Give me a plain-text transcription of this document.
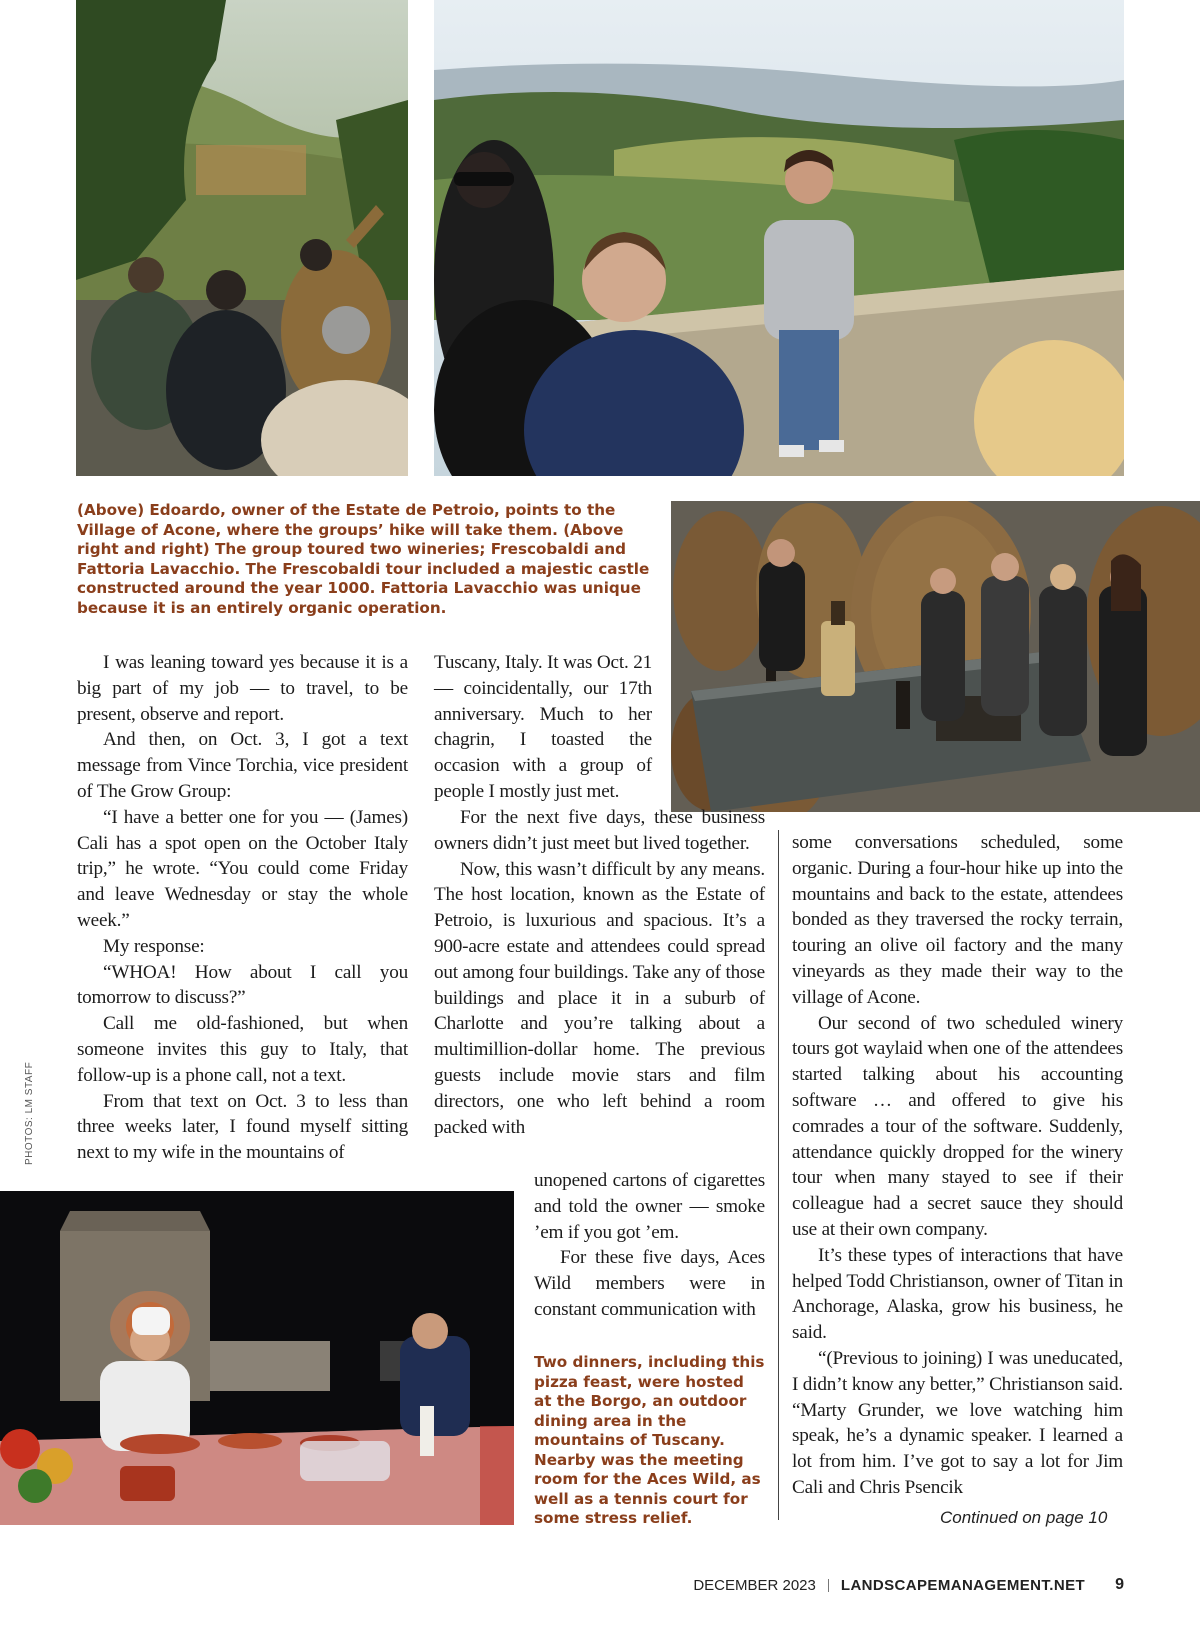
(Above) Edoardo, owner of the Estate de Petroio, points to the Village of Acone, where the groups’ hike will take them. (Above right and right) The group toured two wineries; Frescobaldi and Fattoria Lavacchio. The Frescobaldi tour included a majestic castle constructed around the year 1000. Fattoria Lavacchio was unique because it is an entirely organic operation.

I was leaning toward yes because it is a big part of my job — to travel, to be present, observe and report.

And then, on Oct. 3, I got a text message from Vince Torchia, vice president of The Grow Group:

“I have a better one for you — (James) Cali has a spot open on the October Italy trip,” he wrote. “You could come Friday and leave Wednesday or stay the whole week.”

My response:

“WHOA! How about I call you tomorrow to discuss?”

Call me old-fashioned, but when someone invites this guy to Italy, that follow-up is a phone call, not a text.

From that text on Oct. 3 to less than three weeks later, I found myself sitting next to my wife in the mountains of

Tuscany, Italy. It was Oct. 21 — coincidentally, our 17th anniversary. Much to her chagrin, I toasted the occasion with a group of people I mostly just met.

For the next five days, these business owners didn’t just meet but lived together.

Now, this wasn’t difficult by any means. The host location, known as the Estate of Petroio, is luxurious and spacious. It’s a 900-acre estate and attendees could spread out among four buildings. Take any of those buildings and place it in a suburb of Charlotte and you’re talking about a multimillion-dollar home. The previous guests include movie stars and film directors, one who left behind a room packed with

unopened cartons of cigarettes and told the owner — smoke ’em if you got ’em.

For these five days, Aces Wild members were in constant communication with

Two dinners, including this pizza feast, were hosted at the Borgo, an outdoor dining area in the mountains of Tuscany. Nearby was the meeting room for the Aces Wild, as well as a tennis court for some stress relief.

some conversations scheduled, some organic. During a four-hour hike up into the mountains and back to the estate, attendees bonded as they traversed the rocky terrain, touring an olive oil factory and the many vineyards as they made their way to the village of Acone.

Our second of two scheduled winery tours got waylaid when one of the attendees started talking about his accounting software … and offered to give his comrades a tour of the software. Suddenly, attendance quickly dropped for the winery tour when many stayed to see if their colleague had a secret sauce they should use at their own company.

It’s these types of interactions that have helped Todd Christianson, owner of Titan in Anchorage, Alaska, grow his business, he said.

“(Previous to joining) I was uneducated, I didn’t know any better,” Christianson said. “Marty Grunder, we love watching him speak, he’s a dynamic speaker. I learned a lot from him. I’ve got to say a lot for Jim Cali and Chris Psencik

Continued on page 10
PHOTOS: LM STAFF
DECEMBER 2023 LANDSCAPEMANAGEMENT.NET 9
